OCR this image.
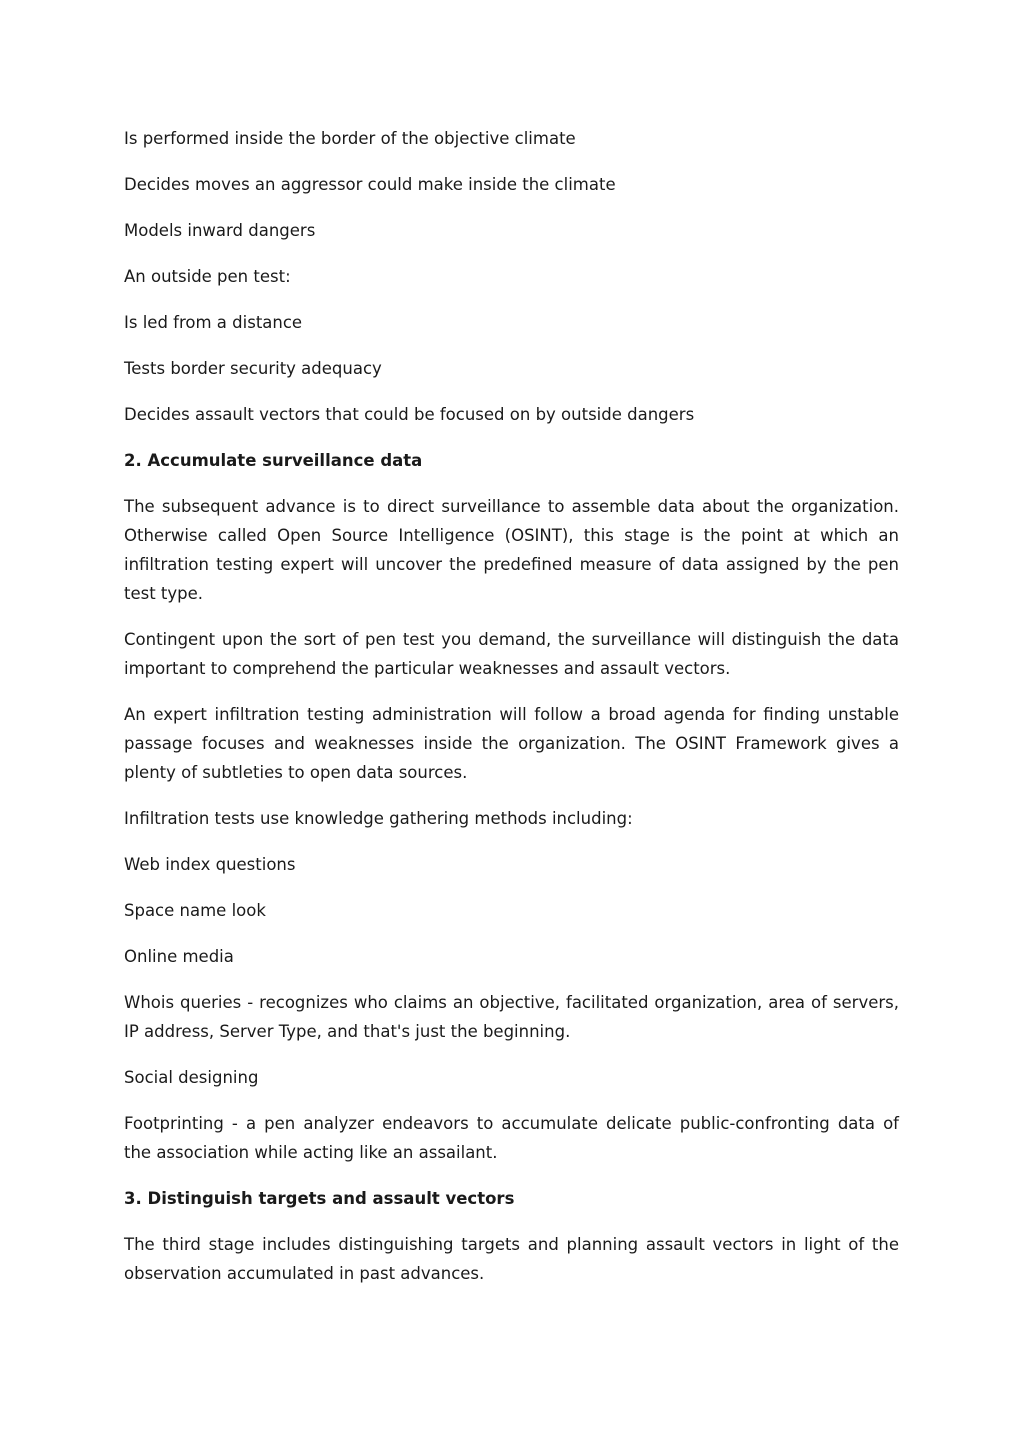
Is performed inside the border of the objective climate

Decides moves an aggressor could make inside the climate

Models inward dangers

An outside pen test:

Is led from a distance

Tests border security adequacy

Decides assault vectors that could be focused on by outside dangers

2. Accumulate surveillance data

The subsequent advance is to direct surveillance to assemble data about the organization. Otherwise called Open Source Intelligence (OSINT), this stage is the point at which an infiltration testing expert will uncover the predefined measure of data assigned by the pen test type.

Contingent upon the sort of pen test you demand, the surveillance will distinguish the data important to comprehend the particular weaknesses and assault vectors.

An expert infiltration testing administration will follow a broad agenda for finding unstable passage focuses and weaknesses inside the organization. The OSINT Framework gives a plenty of subtleties to open data sources.

Infiltration tests use knowledge gathering methods including:

Web index questions

Space name look

Online media

Whois queries - recognizes who claims an objective, facilitated organization, area of servers, IP address, Server Type, and that's just the beginning.

Social designing

Footprinting - a pen analyzer endeavors to accumulate delicate public-confronting data of the association while acting like an assailant.

3. Distinguish targets and assault vectors

The third stage includes distinguishing targets and planning assault vectors in light of the observation accumulated in past advances.
